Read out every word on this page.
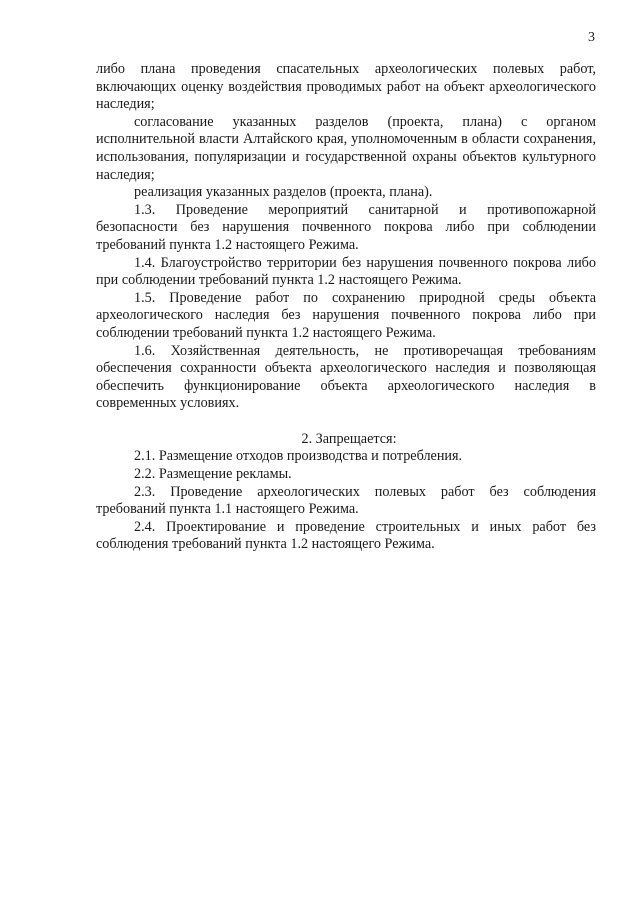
3

либо плана проведения спасательных археологических полевых работ, включающих оценку воздействия проводимых работ на объект археологического наследия;

согласование указанных разделов (проекта, плана) с органом исполнительной власти Алтайского края, уполномоченным в области сохранения, использования, популяризации и государственной охраны объектов культурного наследия;

реализация указанных разделов (проекта, плана).

1.3. Проведение мероприятий санитарной и противопожарной безопасности без нарушения почвенного покрова либо при соблюдении требований пункта 1.2 настоящего Режима.

1.4. Благоустройство территории без нарушения почвенного покрова либо при соблюдении требований пункта 1.2 настоящего Режима.

1.5. Проведение работ по сохранению природной среды объекта археологического наследия без нарушения почвенного покрова либо при соблюдении требований пункта 1.2 настоящего Режима.

1.6. Хозяйственная деятельность, не противоречащая требованиям обеспечения сохранности объекта археологического наследия и позволяющая обеспечить функционирование объекта археологического наследия в современных условиях.

2. Запрещается:

2.1. Размещение отходов производства и потребления.

2.2. Размещение рекламы.

2.3. Проведение археологических полевых работ без соблюдения требований пункта 1.1 настоящего Режима.

2.4. Проектирование и проведение строительных и иных работ без соблюдения требований пункта 1.2 настоящего Режима.
